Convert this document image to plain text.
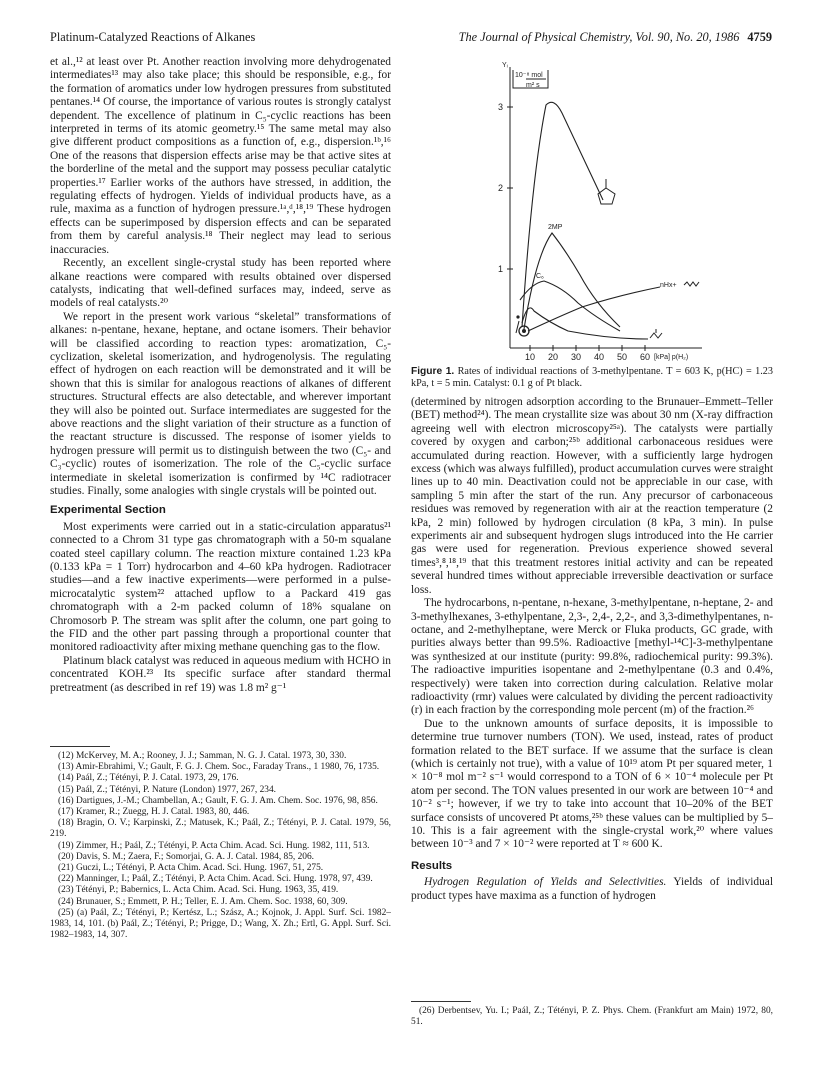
Platinum-Catalyzed Reactions of Alkanes	The Journal of Physical Chemistry, Vol. 90, No. 20, 1986 4759

et al.,¹² at least over Pt. Another reaction involving more dehydrogenated intermediates¹³ may also take place; this should be responsible, e.g., for the formation of aromatics under low hydrogen pressures from substituted pentanes.¹⁴ Of course, the importance of various routes is strongly catalyst dependent. The excellence of platinum in C₅-cyclic reactions has been interpreted in terms of its atomic geometry.¹⁵ The same metal may also give different product compositions as a function of, e.g., dispersion.¹ᵇ,¹⁶ One of the reasons that dispersion effects arise may be that active sites at the borderline of the metal and the support may possess peculiar catalytic properties.¹⁷ Earlier works of the authors have stressed, in addition, the regulating effects of hydrogen. Yields of individual products have, as a rule, maxima as a function of hydrogen pressure.¹ᵃ,ᵈ,¹⁸,¹⁹ These hydrogen effects can be superimposed by dispersion effects and can be separated from them by careful analysis.¹⁸ Their neglect may lead to serious inaccuracies.

Recently, an excellent single-crystal study has been reported where alkane reactions were compared with results obtained over dispersed catalysts, indicating that well-defined surfaces may, indeed, serve as models of real catalysts.²⁰

We report in the present work various “skeletal” transformations of alkanes: n-pentane, hexane, heptane, and octane isomers. Their behavior will be classified according to reaction types: aromatization, C₅-cyclization, skeletal isomerization, and hydrogenolysis. The regulating effect of hydrogen on each reaction will be demonstrated and it will be shown that this is similar for analogous reactions of alkanes of different structures. Structural effects are also detectable, and wherever important they will also be pointed out. Surface intermediates are suggested for the above reactions and the slight variation of their structure as a function of the reactant structure is discussed. The response of isomer yields to hydrogen pressure will permit us to distinguish between the two (C₅- and C₃-cyclic) routes of isomerization. The role of the C₅-cyclic surface intermediate in skeletal isomerization is confirmed by ¹⁴C radiotracer studies. Finally, some analogies with single crystals will be pointed out.

Experimental Section

Most experiments were carried out in a static-circulation apparatus²¹ connected to a Chrom 31 type gas chromatograph with a 50-m squalane coated steel capillary column. The reaction mixture contained 1.23 kPa (0.133 kPa = 1 Torr) hydrocarbon and 4–60 kPa hydrogen. Radiotracer studies—and a few inactive experiments—were performed in a pulse-microcatalytic system²² attached upflow to a Packard 419 gas chromatograph with a 2-m packed column of 18% squalane on Chromosorb P. The stream was split after the column, one part going to the FID and the other part passing through a proportional counter that monitored radioactivity after mixing methane quenching gas to the flow.

Platinum black catalyst was reduced in aqueous medium with HCHO in concentrated KOH.²³ Its specific surface after standard thermal pretreatment (as described in ref 19) was 1.8 m² g⁻¹

(12) McKervey, M. A.; Rooney, J. J.; Samman, N. G. J. Catal. 1973, 30, 330.

(13) Amir-Ebrahimi, V.; Gault, F. G. J. Chem. Soc., Faraday Trans., 1 1980, 76, 1735.

(14) Paál, Z.; Tétényi, P. J. Catal. 1973, 29, 176.

(15) Paál, Z.; Tétényi, P. Nature (London) 1977, 267, 234.

(16) Dartigues, J.-M.; Chambellan, A.; Gault, F. G. J. Am. Chem. Soc. 1976, 98, 856.

(17) Kramer, R.; Zuegg, H. J. Catal. 1983, 80, 446.

(18) Bragin, O. V.; Karpinski, Z.; Matusek, K.; Paál, Z.; Tétényi, P. J. Catal. 1979, 56, 219.

(19) Zimmer, H.; Paál, Z.; Tétényi, P. Acta Chim. Acad. Sci. Hung. 1982, 111, 513.

(20) Davis, S. M.; Zaera, F.; Somorjai, G. A. J. Catal. 1984, 85, 206.

(21) Guczi, L.; Tétényi, P. Acta Chim. Acad. Sci. Hung. 1967, 51, 275.

(22) Manninger, I.; Paál, Z.; Tétényi, P. Acta Chim. Acad. Sci. Hung. 1978, 97, 439.

(23) Tétényi, P.; Babernics, L. Acta Chim. Acad. Sci. Hung. 1963, 35, 419.

(24) Brunauer, S.; Emmett, P. H.; Teller, E. J. Am. Chem. Soc. 1938, 60, 309.

(25) (a) Paál, Z.; Tétényi, P.; Kertész, L.; Szász, A.; Kojnok, J. Appl. Surf. Sci. 1982–1983, 14, 101. (b) Paál, Z.; Tétényi, P.; Prigge, D.; Wang, X. Zh.; Ertl, G. Appl. Surf. Sci. 1982–1983, 14, 307.

Yᵢ
10⁻⁸ mol
m² s
3
2
1
10 20 30 40 50 60 [kPa] p(H₂)
2MP
nHx+
C₆
Figure 1. Rates of individual reactions of 3-methylpentane. T = 603 K, p(HC) = 1.23 kPa, t = 5 min. Catalyst: 0.1 g of Pt black.

(determined by nitrogen adsorption according to the Brunauer–Emmett–Teller (BET) method²⁴). The mean crystallite size was about 30 nm (X-ray diffraction agreeing well with electron microscopy²⁵ᵃ). The catalysts were partially covered by oxygen and carbon;²⁵ᵇ additional carbonaceous residues were accumulated during reaction. However, with a sufficiently large hydrogen excess (which was always fulfilled), product accumulation curves were straight lines up to 40 min. Deactivation could not be appreciable in our case, with sampling 5 min after the start of the run. Any precursor of carbonaceous residues was removed by regeneration with air at the reaction temperature (2 kPa, 2 min) followed by hydrogen circulation (8 kPa, 3 min). In pulse experiments air and subsequent hydrogen slugs introduced into the He carrier gas were used for regeneration. Previous experience showed several times³,⁸,¹⁸,¹⁹ that this treatment restores initial activity and can be repeated several hundred times without appreciable irreversible deactivation or surface loss.

The hydrocarbons, n-pentane, n-hexane, 3-methylpentane, n-heptane, 2- and 3-methylhexanes, 3-ethylpentane, 2,3-, 2,4-, 2,2-, and 3,3-dimethylpentanes, n-octane, and 2-methylheptane, were Merck or Fluka products, GC grade, with purities always better than 99.5%. Radioactive [methyl-¹⁴C]-3-methylpentane was synthesized at our institute (purity: 99.8%, radiochemical purity: 99.3%). The radioactive impurities isopentane and 2-methylpentane (0.3 and 0.4%, respectively) were taken into correction during calculation. Relative molar radioactivity (rmr) values were calculated by dividing the percent radioactivity (r) in each fraction by the corresponding mole percent (m) of the fraction.²⁶

Due to the unknown amounts of surface deposits, it is impossible to determine true turnover numbers (TON). We used, instead, rates of product formation related to the BET surface. If we assume that the surface is clean (which is certainly not true), with a value of 10¹⁹ atom Pt per squared meter, 1 × 10⁻⁸ mol m⁻² s⁻¹ would correspond to a TON of 6 × 10⁻⁴ molecule per Pt atom per second. The TON values presented in our work are between 10⁻⁴ and 10⁻² s⁻¹; however, if we try to take into account that 10–20% of the BET surface consists of uncovered Pt atoms,²⁵ᵇ these values can be multiplied by 5–10. This is a fair agreement with the single-crystal work,²⁰ where values between 10⁻³ and 7 × 10⁻² were reported at T ≈ 600 K.

Results

Hydrogen Regulation of Yields and Selectivities. Yields of individual product types have maxima as a function of hydrogen

(26) Derbentsev, Yu. I.; Paál, Z.; Tétényi, P. Z. Phys. Chem. (Frankfurt am Main) 1972, 80, 51.
